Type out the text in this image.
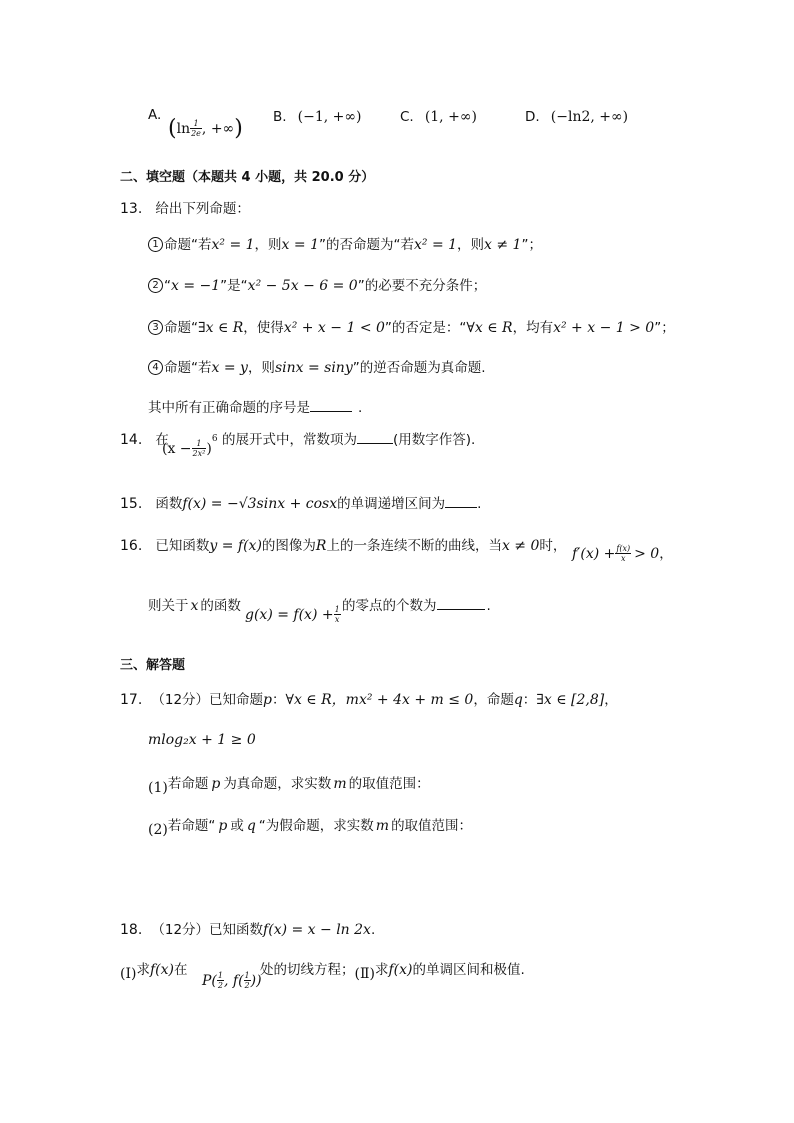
A.
($\ln \frac{1}{2e}$ , +∞) B. (−1, +∞)	C. (1, +∞)	D. (−ln2, +∞)
二、填空题（本题共 4 小题，共 20.0 分）
13. 给出下列命题：
1 命题“若x² = 1，则x = 1”的否命题为“若x² = 1，则x ≠ 1”；
2 “x = −1”是“x² − 5x − 6 = 0”的必要不充分条件；
3 命题“∃x ∈ R，使得x² + x − 1 < 0”的否定是：“∀x ∈ R，均有x² + x − 1 > 0”；
4 命题“若x = y，则sinx = siny”的逆否命题为真命题.
其中所有正确命题的序号是	.
14. 在
$(x - \frac{1}{\text{2x²}} )^6$ 的展开式中，常数项为	(用数字作答).
15. 函数f(x) = −√3sinx + cosx的单调递增区间为 .
16. 已知函数y = f(x)的图像为R上的一条连续不断的曲线，当x ≠ 0时， $f'(x) + \frac{f(x)}{x} > 0$，
则关于 x 的函数
$g(x) = f(x) + \frac{1}{x}$ 的零点的个数为	.
三、解答题
17. （12分）已知命题p：∀x ∈ R，mx² + 4x + m ≤ 0，命题q：∃x ∈ [2,8]，
mlog₂x + 1 ≥ 0
(1)若命题 p 为真命题，求实数 m 的取值范围：
(2)若命题“ p 或 q “为假命题，求实数 m 的取值范围：
18. （12分）已知函数f(x) = x − ln 2x.
(Ⅰ)求f(x)在
$P( \frac{1}{2}$ , $f( \frac{1}{2}$ ))
处的切线方程；(Ⅱ)求f(x)的单调区间和极值.
